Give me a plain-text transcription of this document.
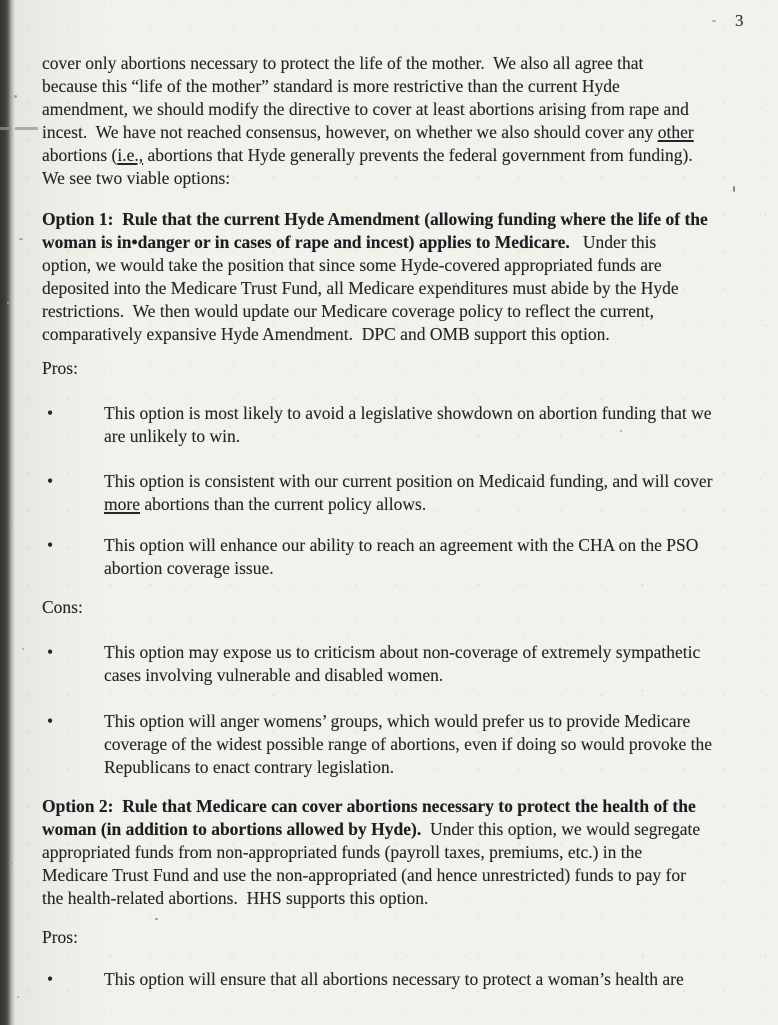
3
cover only abortions necessary to protect the life of the mother.  We also all agree that
because this “life of the mother” standard is more restrictive than the current Hyde
amendment, we should modify the directive to cover at least abortions arising from rape and
incest.  We have not reached consensus, however, on whether we also should cover any other
abortions (i.e., abortions that Hyde generally prevents the federal government from funding).
We see two viable options:
Option 1:  Rule that the current Hyde Amendment (allowing funding where the life of the
woman is in•danger or in cases of rape and incest) applies to Medicare.   Under this
option, we would take the position that since some Hyde-covered appropriated funds are
deposited into the Medicare Trust Fund, all Medicare expenditures must abide by the Hyde
restrictions.  We then would update our Medicare coverage policy to reflect the current,
comparatively expansive Hyde Amendment.  DPC and OMB support this option.
Pros:
•	This option is most likely to avoid a legislative showdown on abortion funding that we
are unlikely to win.
•	This option is consistent with our current position on Medicaid funding, and will cover
more abortions than the current policy allows.
•	This option will enhance our ability to reach an agreement with the CHA on the PSO
abortion coverage issue.
Cons:
•	This option may expose us to criticism about non-coverage of extremely sympathetic
cases involving vulnerable and disabled women.
•	This option will anger womens’ groups, which would prefer us to provide Medicare
coverage of the widest possible range of abortions, even if doing so would provoke the
Republicans to enact contrary legislation.
Option 2:  Rule that Medicare can cover abortions necessary to protect the health of the
woman (in addition to abortions allowed by Hyde).  Under this option, we would segregate
appropriated funds from non-appropriated funds (payroll taxes, premiums, etc.) in the
Medicare Trust Fund and use the non-appropriated (and hence unrestricted) funds to pay for
the health-related abortions.  HHS supports this option.
Pros:
•	This option will ensure that all abortions necessary to protect a woman’s health are
